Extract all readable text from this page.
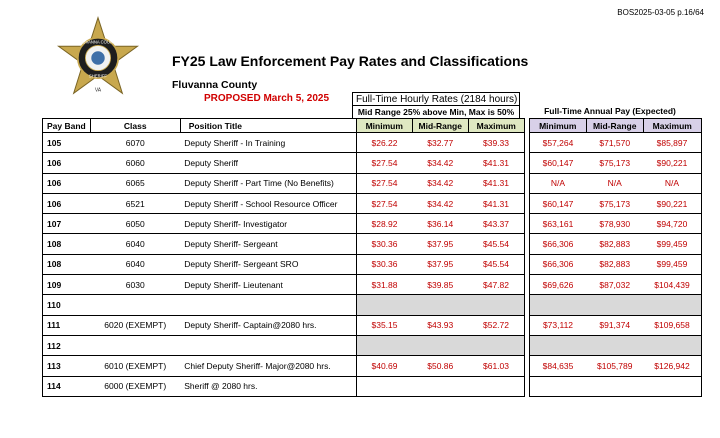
BOS2025-03-05 p.16/64
FLUVANNA COUNTY
SHERIFF
VA
FY25 Law Enforcement Pay Rates and Classifications
Fluvanna County
PROPOSED March 5, 2025	Full-Time Hourly Rates (2184 hours)
Mid Range 25% above Min, Max is 50%	Full-Time Annual Pay (Expected)
Pay Band	Class	Position Title	Minimum	Mid-Range	Maximum		Minimum	Mid-Range	Maximum
105	6070	Deputy Sheriff - In Training	$26.22	$32.77	$39.33		$57,264	$71,570	$85,897
106	6060	Deputy Sheriff	$27.54	$34.42	$41.31		$60,147	$75,173	$90,221
106	6065	Deputy Sheriff - Part Time (No Benefits)	$27.54	$34.42	$41.31		N/A	N/A	N/A
106	6521	Deputy Sheriff - School Resource Officer	$27.54	$34.42	$41.31		$60,147	$75,173	$90,221
107	6050	Deputy Sheriff- Investigator	$28.92	$36.14	$43.37		$63,161	$78,930	$94,720
108	6040	Deputy Sheriff- Sergeant	$30.36	$37.95	$45.54		$66,306	$82,883	$99,459
108	6040	Deputy Sheriff- Sergeant SRO	$30.36	$37.95	$45.54		$66,306	$82,883	$99,459
109	6030	Deputy Sheriff- Lieutenant	$31.88	$39.85	$47.82		$69,626	$87,032	$104,439
110									
111	6020 (EXEMPT)	Deputy Sheriff- Captain@2080 hrs.	$35.15	$43.93	$52.72		$73,112	$91,374	$109,658
112									
113	6010 (EXEMPT)	Chief Deputy Sheriff- Major@2080 hrs.	$40.69	$50.86	$61.03		$84,635	$105,789	$126,942
114	6000 (EXEMPT)	Sheriff @ 2080 hrs.							
